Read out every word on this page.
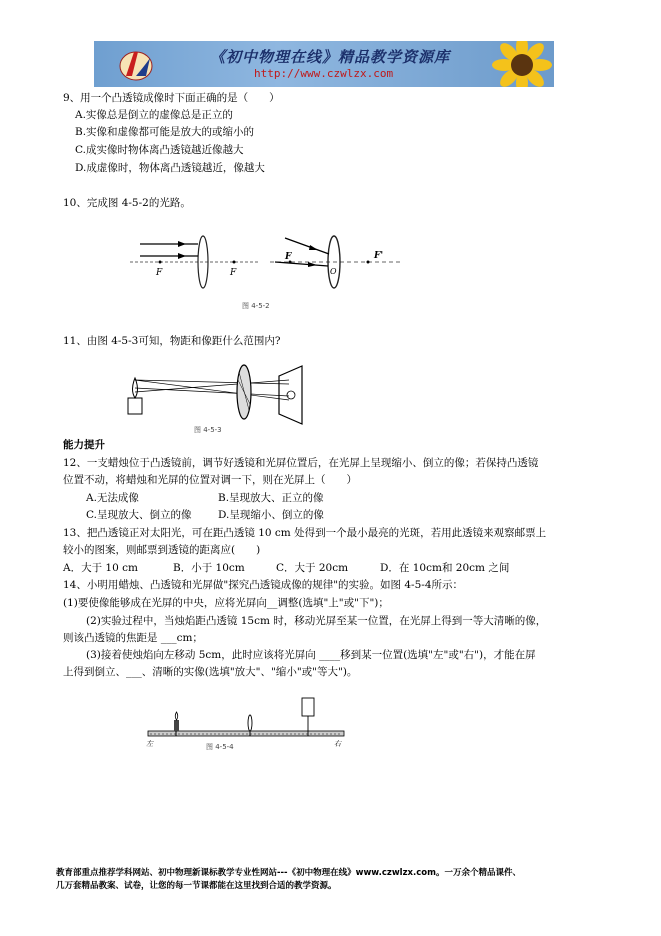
《初中物理在线》精品教学资源库
http://www.czwlzx.com
9、用一个凸透镜成像时下面正确的是（　　）
A.实像总是倒立的虚像总是正立的
B.实像和虚像都可能是放大的或缩小的
C.成实像时物体离凸透镜越近像越大
D.成虚像时，物体离凸透镜越近，像越大
10、完成图 4-5-2的光路。
F	F
F
O
F'
图 4-5-2
11、由图 4-5-3可知，物距和像距什么范围内?
图 4-5-3
能力提升
12、一支蜡烛位于凸透镜前，调节好透镜和光屏位置后，在光屏上呈现缩小、倒立的像；若保持凸透镜
位置不动，将蜡烛和光屏的位置对调一下，则在光屏上（　　）
A.无法成像	B.呈现放大、正立的像
C.呈现放大、倒立的像	D.呈现缩小、倒立的像
13、把凸透镜正对太阳光，可在距凸透镜 10 cm 处得到一个最小最亮的光斑，若用此透镜来观察邮票上
较小的图案，则邮票到透镜的距离应(　　)
A．大于 10 cm	B．小于 10cm	C．大于 20cm	D．在 10cm和 20cm 之间
14、小明用蜡烛、凸透镜和光屏做"探究凸透镜成像的规律"的实验。如图 4-5-4所示：
(1)要使像能够成在光屏的中央，应将光屏向__调整(选填"上"或"下")；
(2)实验过程中，当烛焰距凸透镜 15cm 时，移动光屏至某一位置，在光屏上得到一等大清晰的像，
则该凸透镜的焦距是 ___cm；
(3)接着使烛焰向左移动 5cm，此时应该将光屏向 ____移到某一位置(选填"左"或"右")，才能在屏
上得到倒立、___、清晰的实像(选填"放大"、"缩小"或"等大")。
左	右
图 4-5-4
教育部重点推荐学科网站、初中物理新课标教学专业性网站---《初中物理在线》www.czwlzx.com。一万余个精品课件、
几万套精品教案、试卷，让您的每一节课都能在这里找到合适的教学资源。
